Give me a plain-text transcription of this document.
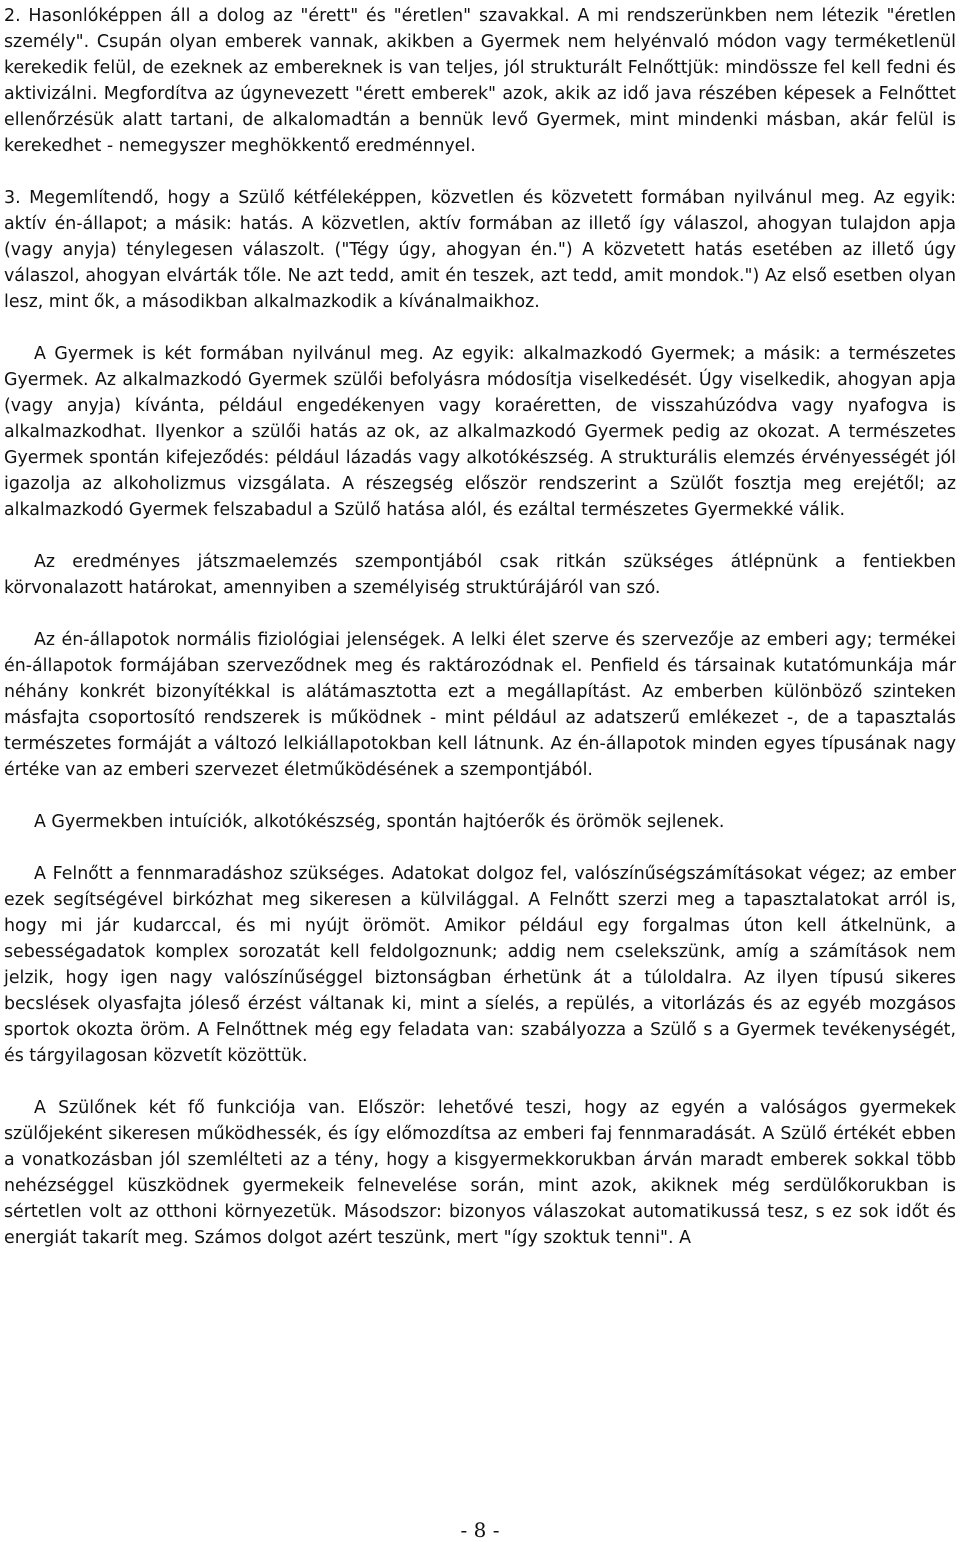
2. Hasonlóképpen áll a dolog az "érett" és "éretlen" szavakkal. A mi rendszerünkben nem létezik "éretlen személy". Csupán olyan emberek vannak, akikben a Gyermek nem helyénvaló módon vagy terméketlenül kerekedik felül, de ezeknek az embereknek is van teljes, jól strukturált Felnőttjük: mindössze fel kell fedni és aktivizálni. Megfordítva az úgynevezett "érett emberek" azok, akik az idő java részében képesek a Felnőttet ellenőrzésük alatt tartani, de alkalomadtán a bennük levő Gyermek, mint mindenki másban, akár felül is kerekedhet - nemegyszer meghökkentő eredménnyel.

3. Megemlítendő, hogy a Szülő kétféleképpen, közvetlen és közvetett formában nyilvánul meg. Az egyik: aktív én-állapot; a másik: hatás. A közvetlen, aktív formában az illető így válaszol, ahogyan tulajdon apja (vagy anyja) ténylegesen válaszolt. ("Tégy úgy, ahogyan én.") A közvetett hatás esetében az illető úgy válaszol, ahogyan elvárták tőle. Ne azt tedd, amit én teszek, azt tedd, amit mondok.") Az első esetben olyan lesz, mint ők, a másodikban alkalmazkodik a kívánalmaikhoz.

A Gyermek is két formában nyilvánul meg. Az egyik: alkalmazkodó Gyermek; a másik: a természetes Gyermek. Az alkalmazkodó Gyermek szülői befolyásra módosítja viselkedését. Úgy viselkedik, ahogyan apja (vagy anyja) kívánta, például engedékenyen vagy koraéretten, de visszahúzódva vagy nyafogva is alkalmazkodhat. Ilyenkor a szülői hatás az ok, az alkalmazkodó Gyermek pedig az okozat. A természetes Gyermek spontán kifejeződés: például lázadás vagy alkotókészség. A strukturális elemzés érvényességét jól igazolja az alkoholizmus vizsgálata. A részegség először rendszerint a Szülőt fosztja meg erejétől; az alkalmazkodó Gyermek felszabadul a Szülő hatása alól, és ezáltal természetes Gyermekké válik.

Az eredményes játszmaelemzés szempontjából csak ritkán szükséges átlépnünk a fentiekben körvonalazott határokat, amennyiben a személyiség struktúrájáról van szó.

Az én-állapotok normális fiziológiai jelenségek. A lelki élet szerve és szervezője az emberi agy; termékei én-állapotok formájában szerveződnek meg és raktározódnak el. Penfield és társainak kutatómunkája már néhány konkrét bizonyítékkal is alátámasztotta ezt a megállapítást. Az emberben különböző szinteken másfajta csoportosító rendszerek is működnek - mint például az adatszerű emlékezet -, de a tapasztalás természetes formáját a változó lelkiállapotokban kell látnunk. Az én-állapotok minden egyes típusának nagy értéke van az emberi szervezet életműködésének a szempontjából.

A Gyermekben intuíciók, alkotókészség, spontán hajtóerők és örömök sejlenek.

A Felnőtt a fennmaradáshoz szükséges. Adatokat dolgoz fel, valószínűségszámításokat végez; az ember ezek segítségével birkózhat meg sikeresen a külvilággal. A Felnőtt szerzi meg a tapasztalatokat arról is, hogy mi jár kudarccal, és mi nyújt örömöt. Amikor például egy forgalmas úton kell átkelnünk, a sebességadatok komplex sorozatát kell feldolgoznunk; addig nem cselekszünk, amíg a számítások nem jelzik, hogy igen nagy valószínűséggel biztonságban érhetünk át a túloldalra. Az ilyen típusú sikeres becslések olyasfajta jóleső érzést váltanak ki, mint a síelés, a repülés, a vitorlázás és az egyéb mozgásos sportok okozta öröm. A Felnőttnek még egy feladata van: szabályozza a Szülő s a Gyermek tevékenységét, és tárgyilagosan közvetít közöttük.

A Szülőnek két fő funkciója van. Először: lehetővé teszi, hogy az egyén a valóságos gyermekek szülőjeként sikeresen működhessék, és így előmozdítsa az emberi faj fennmaradását. A Szülő értékét ebben a vonatkozásban jól szemlélteti az a tény, hogy a kisgyermekkorukban árván maradt emberek sokkal több nehézséggel küszködnek gyermekeik felnevelése során, mint azok, akiknek még serdülőkorukban is sértetlen volt az otthoni környezetük. Másodszor: bizonyos válaszokat automatikussá tesz, s ez sok időt és energiát takarít meg. Számos dolgot azért teszünk, mert "így szoktuk tenni". A

- 8 -
